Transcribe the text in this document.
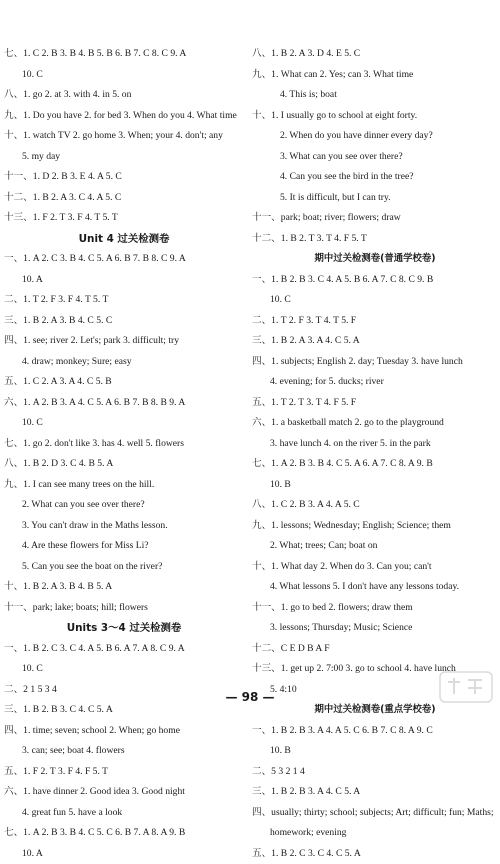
七、1. C 2. B 3. B 4. B 5. B 6. B 7. C 8. C 9. A
10. C
八、1. go 2. at 3. with 4. in 5. on
九、1. Do you have 2. for bed 3. When do you 4. What time
十、1. watch TV 2. go home 3. When; your 4. don't; any
5. my day
十一、1. D 2. B 3. E 4. A 5. C
十二、1. B 2. A 3. C 4. A 5. C
十三、1. F 2. T 3. F 4. T 5. T
Unit 4 过关检测卷
一、1. A 2. C 3. B 4. C 5. A 6. B 7. B 8. C 9. A
10. A
二、1. T 2. F 3. F 4. T 5. T
三、1. B 2. A 3. B 4. C 5. C
四、1. see; river 2. Let's; park 3. difficult; try
4. draw; monkey; Sure; easy
五、1. C 2. A 3. A 4. C 5. B
六、1. A 2. B 3. A 4. C 5. A 6. B 7. B 8. B 9. A
10. C
七、1. go 2. don't like 3. has 4. well 5. flowers
八、1. B 2. D 3. C 4. B 5. A
九、1. I can see many trees on the hill.
2. What can you see over there?
3. You can't draw in the Maths lesson.
4. Are these flowers for Miss Li?
5. Can you see the boat on the river?
十、1. B 2. A 3. B 4. B 5. A
十一、park; lake; boats; hill; flowers
Units 3～4 过关检测卷
一、1. B 2. C 3. C 4. A 5. B 6. A 7. A 8. C 9. A
10. C
二、2 1 5 3 4
三、1. B 2. B 3. C 4. C 5. A
四、1. time; seven; school 2. When; go home
3. can; see; boat 4. flowers
五、1. F 2. T 3. F 4. F 5. T
六、1. have dinner 2. Good idea 3. Good night
4. great fun 5. have a look
七、1. A 2. B 3. B 4. C 5. C 6. B 7. A 8. A 9. B
10. A
八、1. B 2. A 3. D 4. E 5. C
九、1. What can 2. Yes; can 3. What time
4. This is; boat
十、1. I usually go to school at eight forty.
2. When do you have dinner every day?
3. What can you see over there?
4. Can you see the bird in the tree?
5. It is difficult, but I can try.
十一、park; boat; river; flowers; draw
十二、1. B 2. T 3. T 4. F 5. T
期中过关检测卷(普通学校卷)
一、1. B 2. B 3. C 4. A 5. B 6. A 7. C 8. C 9. B
10. C
二、1. T 2. F 3. T 4. T 5. F
三、1. B 2. A 3. A 4. C 5. A
四、1. subjects; English 2. day; Tuesday 3. have lunch
4. evening; for 5. ducks; river
五、1. T 2. T 3. T 4. F 5. F
六、1. a basketball match 2. go to the playground
3. have lunch 4. on the river 5. in the park
七、1. A 2. B 3. B 4. C 5. A 6. A 7. C 8. A 9. B
10. B
八、1. C 2. B 3. A 4. A 5. C
九、1. lessons; Wednesday; English; Science; them
2. What; trees; Can; boat on
十、1. What day 2. When do 3. Can you; can't
4. What lessons 5. I don't have any lessons today.
十一、1. go to bed 2. flowers; draw them
3. lessons; Thursday; Music; Science
十二、C E D B A F
十三、1. get up 2. 7:00 3. go to school 4. have lunch
5. 4:10
期中过关检测卷(重点学校卷)
一、1. B 2. B 3. A 4. A 5. C 6. B 7. C 8. A 9. C
10. B
二、5 3 2 1 4
三、1. B 2. B 3. A 4. C 5. A
四、usually; thirty; school; subjects; Art; difficult; fun; Maths;
homework; evening
五、1. B 2. C 3. C 4. C 5. A
— 98 —
